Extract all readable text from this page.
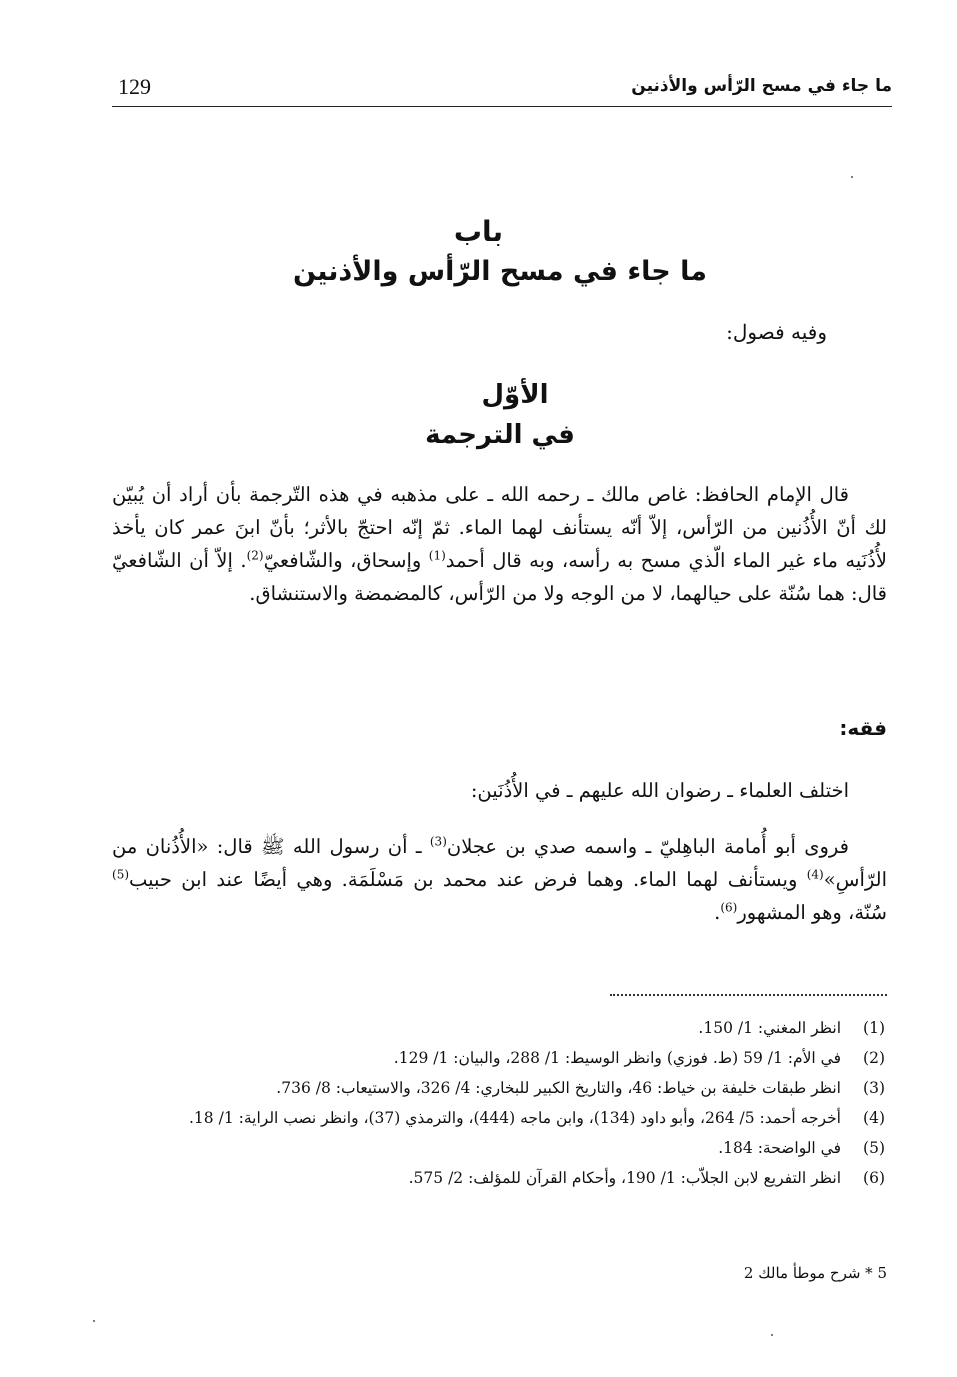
129	ما جاء في مسح الرّأس والأذنين
باب
ما جاء في مسح الرّأس والأذنين
وفيه فصول:
الأوّل
في الترجمة

قال الإمام الحافظ: غاص مالك ـ رحمه الله ـ على مذهبه في هذه التّرجمة بأن أراد أن يُبيّن لك أنّ الأُذُنين من الرّأس، إلاّ أنّه يستأنف لهما الماء. ثمّ إنّه احتجّ بالأثر؛ بأنّ ابنَ عمر كان يأخذ لأُذُنَيه ماء غير الماء الّذي مسح به رأسه، وبه قال أحمد$^{(1)}$ وإسحاق، والشّافعيّ$^{(2)}$. إلاّ أن الشّافعيّ قال: هما سُنّة على حيالهما، لا من الوجه ولا من الرّأس، كالمضمضة والاستنشاق.

فقه:

اختلف العلماء ـ رضوان الله عليهم ـ في الأُذُنَين:

فروى أبو أُمامة الباهِليّ ـ واسمه صدي بن عجلان$^{(3)}$ ـ أن رسول الله ﷺ قال: «الأُذُنان من الرّأسِ»$^{(4)}$ ويستأنف لهما الماء. وهما فرض عند محمد بن مَسْلَمَة. وهي أيضًا عند ابن حبيب$^{(5)}$ سُنّة، وهو المشهور$^{(6)}$.

(1)
انظر المغني: 1/ 150.
(2)
في الأم: 1/ 59 (ط. فوزي) وانظر الوسيط: 1/ 288، والبيان: 1/ 129.
(3)
انظر طبقات خليفة بن خياط: 46، والتاريخ الكبير للبخاري: 4/ 326، والاستيعاب: 8/ 736.
(4)
أخرجه أحمد: 5/ 264، وأبو داود (134)، وابن ماجه (444)، والترمذي (37)، وانظر نصب الراية: 1/ 18.
(5)
في الواضحة: 184.
(6)
انظر التفريع لابن الجلاّب: 1/ 190، وأحكام القرآن للمؤلف: 2/ 575.
5 * شرح موطأ مالك 2
